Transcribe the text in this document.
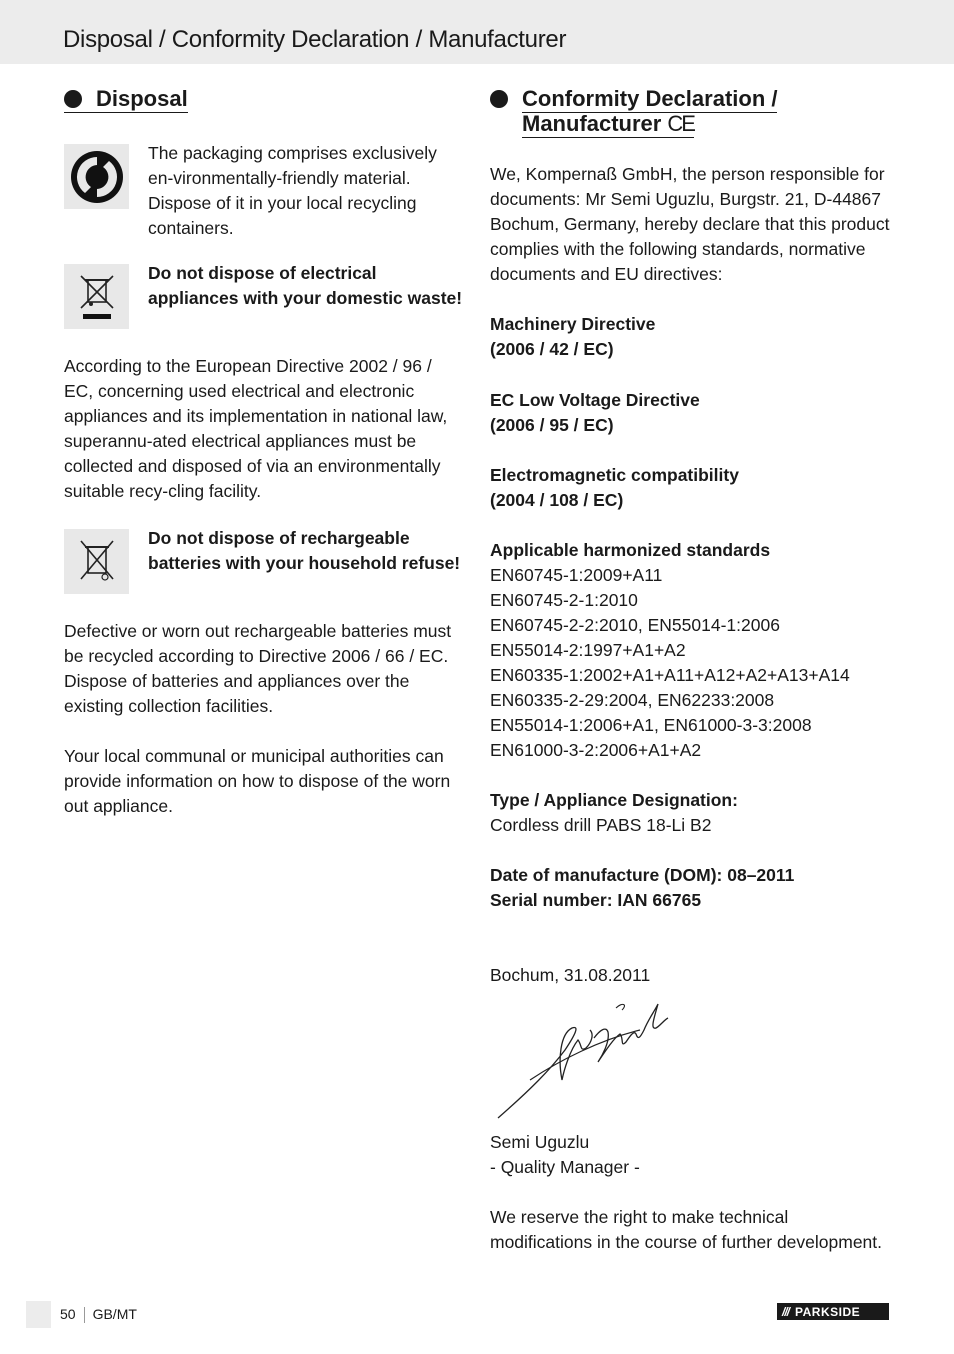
Disposal / Conformity Declaration / Manufacturer
Disposal

The packaging comprises exclusively en-vironmentally-friendly material. Dispose of it in your local recycling containers.

Do not dispose of electrical appliances with your domestic waste!

According to the European Directive 2002 / 96 / EC, concerning used electrical and electronic appliances and its implementation in national law, superannu-ated electrical appliances must be collected and disposed of via an environmentally suitable recy-cling facility.

Do not dispose of rechargeable batteries with your household refuse!

Defective or worn out rechargeable batteries must be recycled according to Directive 2006 / 66 / EC. Dispose of batteries and appliances over the existing collection facilities.

Your local communal or municipal authorities can provide information on how to dispose of the worn out appliance.

Conformity Declaration /
Manufacturer CE

We, Kompernaß GmbH, the person responsible for documents: Mr Semi Uguzlu, Burgstr. 21, D-44867 Bochum, Germany, hereby declare that this product complies with the following standards, normative documents and EU directives:

Machinery Directive

(2006 / 42 / EC)

EC Low Voltage Directive

(2006 / 95 / EC)

Electromagnetic compatibility

(2004 / 108 / EC)

Applicable harmonized standards

EN60745-1:2009+A11

EN60745-2-1:2010

EN60745-2-2:2010, EN55014-1:2006

EN55014-2:1997+A1+A2

EN60335-1:2002+A1+A11+A12+A2+A13+A14

EN60335-2-29:2004, EN62233:2008

EN55014-1:2006+A1, EN61000-3-3:2008

EN61000-3-2:2006+A1+A2

Type / Appliance Designation:

Cordless drill PABS 18-Li B2

Date of manufacture (DOM): 08–2011

Serial number: IAN 66765

Bochum, 31.08.2011

Semi Uguzlu

- Quality Manager -

We reserve the right to make technical modifications in the course of further development.

50 GB/MT	/// PARKSIDE
